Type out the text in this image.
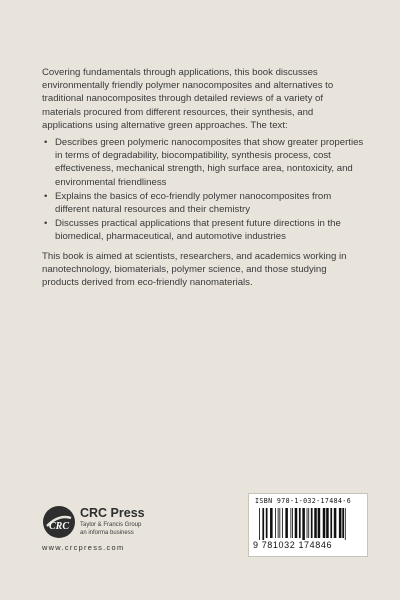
Covering fundamentals through applications, this book discusses environmentally friendly polymer nanocomposites and alternatives to traditional nanocomposites through detailed reviews of a variety of materials procured from different resources, their synthesis, and applications using alternative green approaches. The text:

• Describes green polymeric nanocomposites that show greater properties in terms of degradability, biocompatibility, synthesis process, cost effectiveness, mechanical strength, high surface area, nontoxicity, and environmental friendliness
• Explains the basics of eco-friendly polymer nanocomposites from different natural resources and their chemistry
• Discusses practical applications that present future directions in the biomedical, pharmaceutical, and automotive industries

This book is aimed at scientists, researchers, and academics working in nanotechnology, biomaterials, polymer science, and those studying products derived from eco-friendly nanomaterials.

CRC
CRC Press
Taylor & Francis Group
an informa business
www.crcpress.com
ISBN 978-1-032-17484-6
9 781032 174846
